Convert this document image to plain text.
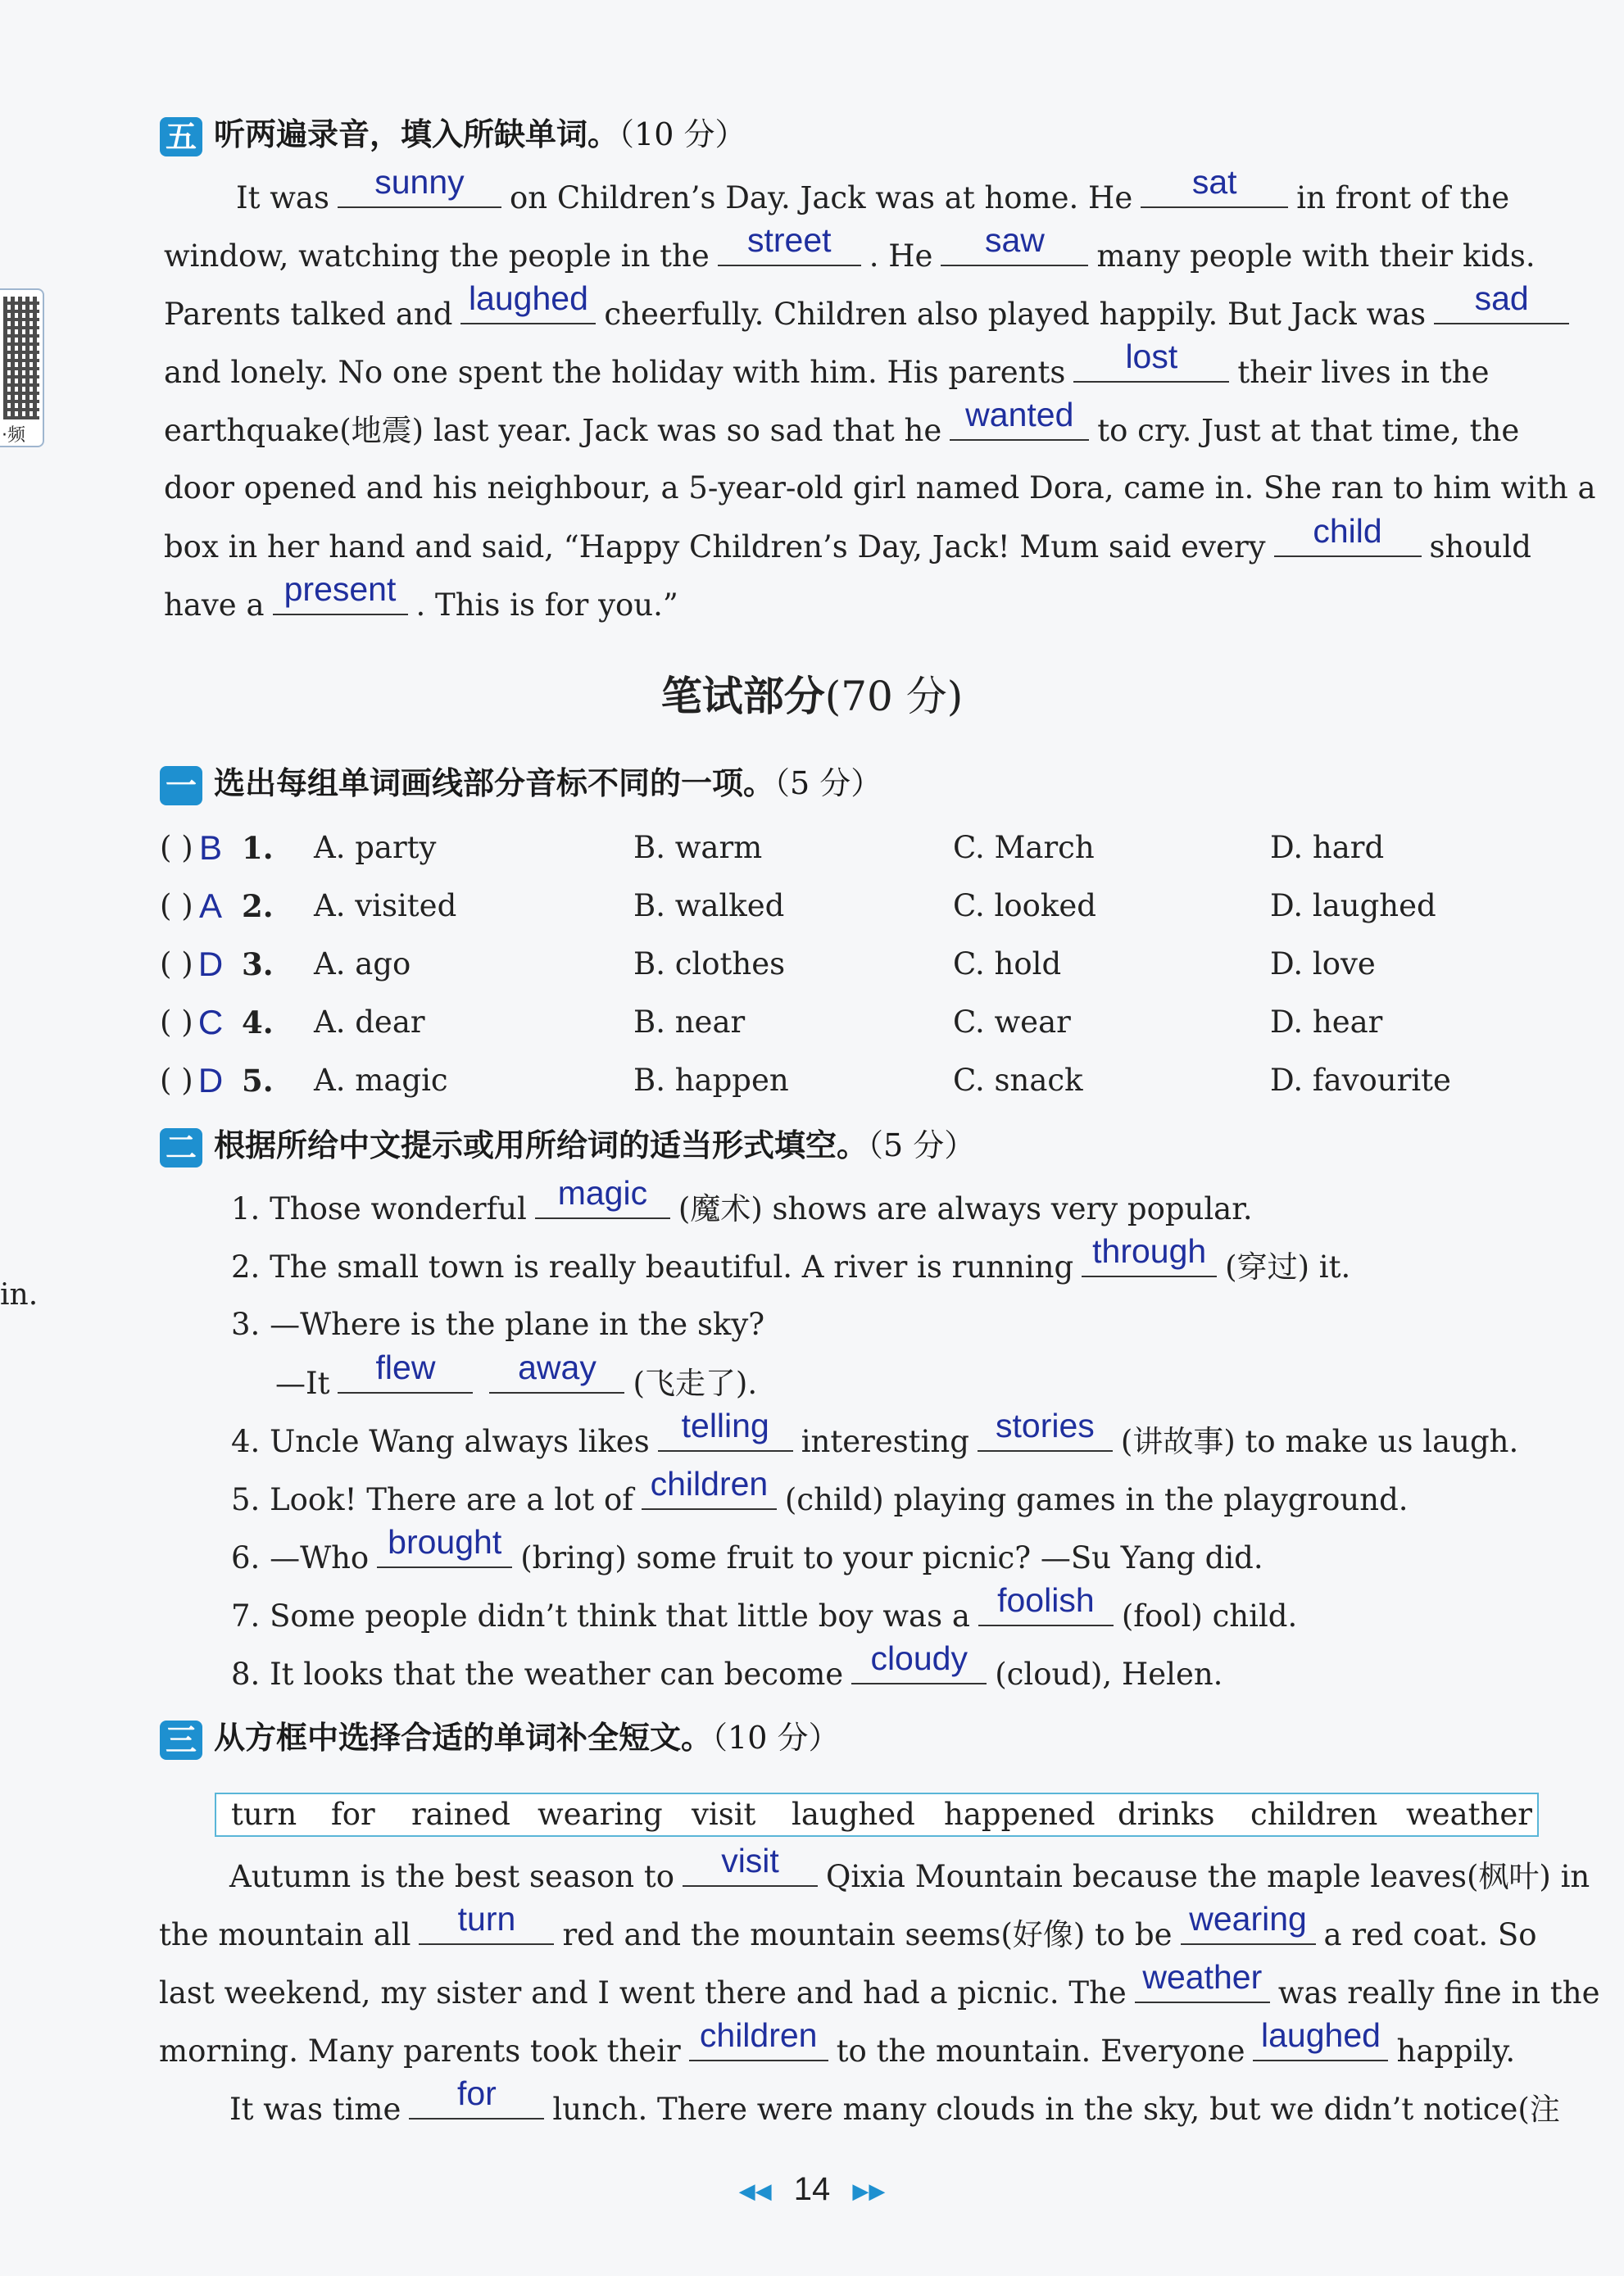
·频
in.
五 听两遍录音，填入所缺单词。（10 分）
It was	sunny	on Children’s Day. Jack was at home. He	sat	in front of the
window, watching the people in the	street	. He	saw	many people with their kids.
Parents talked and laughed cheerfully. Children also played happily. But Jack was	sad
and lonely. No one spent the holiday with him. His parents	lost	their lives in the
earthquake(地震) last year. Jack was so sad that he wanted to cry. Just at that time, the
door opened and his neighbour, a 5-year-old girl named Dora, came in. She ran to him with a
box in her hand and said, “Happy Children’s Day, Jack! Mum said every	child	should
have a present . This is for you.”
笔试部分(70 分)
一 选出每组单词画线部分音标不同的一项。（5 分）
( ) B 1. A. party	B. warm	C. March	D. hard
( ) A 2. A. visited	B. walked	C. looked	D. laughed
( ) D 3. A. ago	B. clothes	C. hold	D. love
( ) C 4. A. dear	B. near	C. wear	D. hear
( ) D 5. A. magic	B. happen	C. snack	D. favourite
二 根据所给中文提示或用所给词的适当形式填空。（5 分）
1. Those wonderful magic	(魔术) shows are always very popular.
2. The small town is really beautiful. A river is running through (穿过) it.
3. —Where is the plane in the sky?
—It	flew	away	(飞走了).
4. Uncle Wang always likes telling	interesting stories (讲故事) to make us laugh.
5. Look! There are a lot of children (child) playing games in the playground.
6. —Who brought (bring) some fruit to your picnic? —Su Yang did.
7. Some people didn’t think that little boy was a foolish (fool) child.
8. It looks that the weather can become cloudy (cloud), Helen.
三 从方框中选择合适的单词补全短文。（10 分）
turn for rained wearing visit laughed happened drinks children weather
Autumn is the best season to	visit	Qixia Mountain because the maple leaves(枫叶) in
the mountain all	turn	red and the mountain seems(好像) to be wearing a red coat. So
last weekend, my sister and I went there and had a picnic. The weather was really fine in the
morning. Many parents took their children to the mountain. Everyone laughed happily.
It was time	for	lunch. There were many clouds in the sky, but we didn’t notice(注
◀◀ 14 ▶▶
